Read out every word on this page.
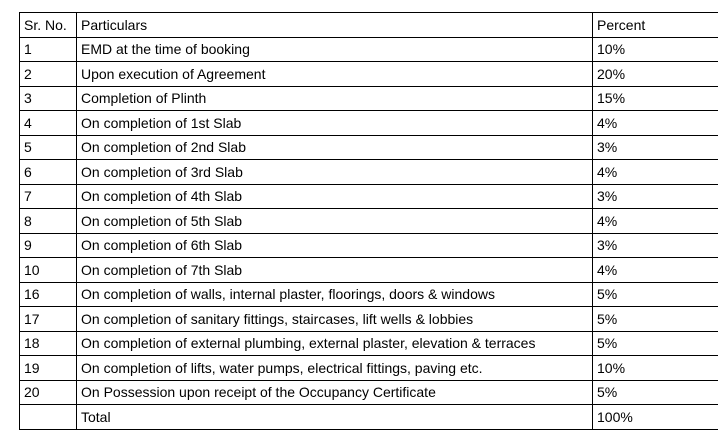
Sr. No.	Particulars	Percent
1	EMD at the time of booking	10%
2	Upon execution of Agreement	20%
3	Completion of Plinth	15%
4	On completion of 1st Slab	4%
5	On completion of 2nd Slab	3%
6	On completion of 3rd Slab	4%
7	On completion of 4th Slab	3%
8	On completion of 5th Slab	4%
9	On completion of 6th Slab	3%
10	On completion of 7th Slab	4%
16	On completion of walls, internal plaster, floorings, doors & windows	5%
17	On completion of sanitary fittings, staircases, lift wells & lobbies	5%
18	On completion of external plumbing, external plaster, elevation & terraces	5%
19	On completion of lifts, water pumps, electrical fittings, paving etc.	10%
20	On Possession upon receipt of the Occupancy Certificate	5%
	Total	100%
